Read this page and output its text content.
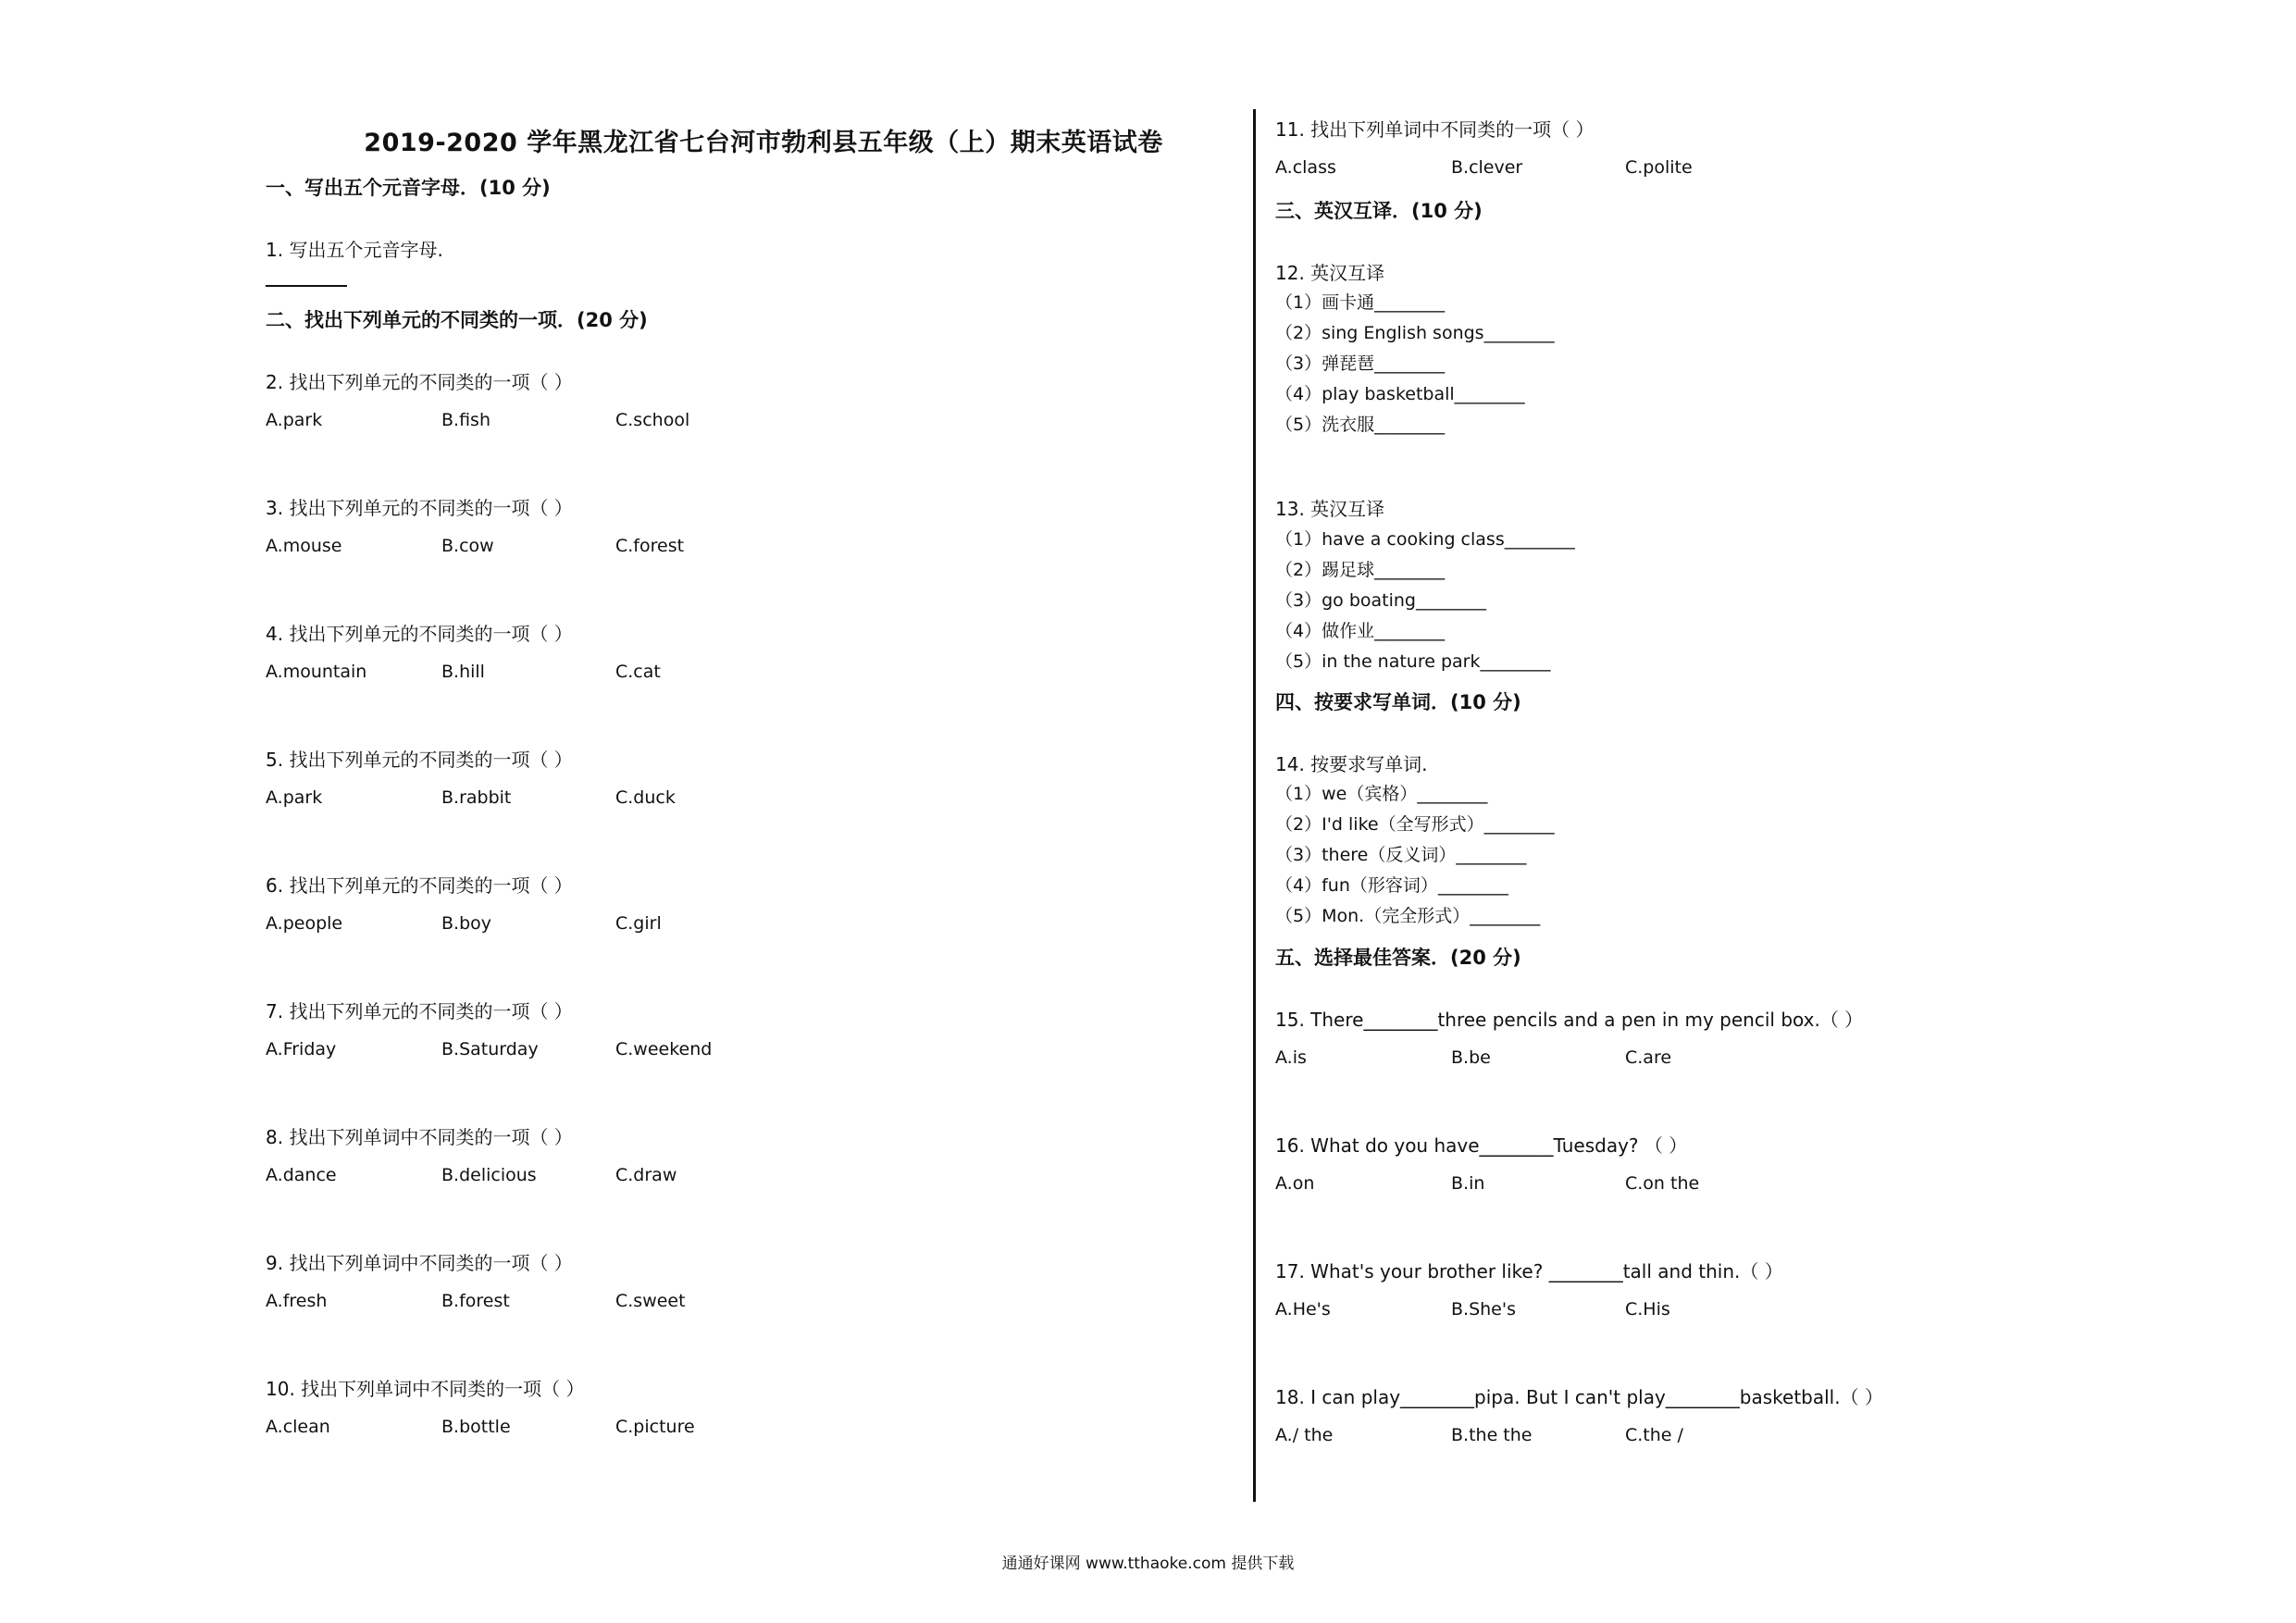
2019-2020 学年黑龙江省七台河市勃利县五年级（上）期末英语试卷
一、写出五个元音字母．(10 分)
1. 写出五个元音字母.
二、找出下列单元的不同类的一项．(20 分)
2. 找出下列单元的不同类的一项（ ）
A.park	B.fish	C.school
3. 找出下列单元的不同类的一项（ ）
A.mouse	B.cow	C.forest
4. 找出下列单元的不同类的一项（ ）
A.mountain	B.hill	C.cat
5. 找出下列单元的不同类的一项（ ）
A.park	B.rabbit	C.duck
6. 找出下列单元的不同类的一项（ ）
A.people	B.boy	C.girl
7. 找出下列单元的不同类的一项（ ）
A.Friday	B.Saturday	C.weekend
8. 找出下列单词中不同类的一项（ ）
A.dance	B.delicious	C.draw
9. 找出下列单词中不同类的一项（ ）
A.fresh	B.forest	C.sweet
10. 找出下列单词中不同类的一项（ ）
A.clean	B.bottle	C.picture
11. 找出下列单词中不同类的一项（ ）
A.class	B.clever	C.polite
三、英汉互译．(10 分)
12. 英汉互译
（1）画卡通________
（2）sing English songs________
（3）弹琵琶________
（4）play basketball________
（5）洗衣服________
13. 英汉互译
（1）have a cooking class________
（2）踢足球________
（3）go boating________
（4）做作业________
（5）in the nature park________
四、按要求写单词．(10 分)
14. 按要求写单词.
（1）we（宾格）________
（2）I'd like（全写形式）________
（3）there（反义词）________
（4）fun（形容词）________
（5）Mon.（完全形式）________
五、选择最佳答案．(20 分)
15. There________three pencils and a pen in my pencil box.（ ）
A.is	B.be	C.are
16. What do you have________Tuesday? （ ）
A.on	B.in	C.on the
17. What's your brother like? ________tall and thin.（ ）
A.He's	B.She's	C.His
18. I can play________pipa. But I can't play________basketball.（ ）
A./ the	B.the the	C.the /
通通好课网 www.tthaoke.com 提供下载
